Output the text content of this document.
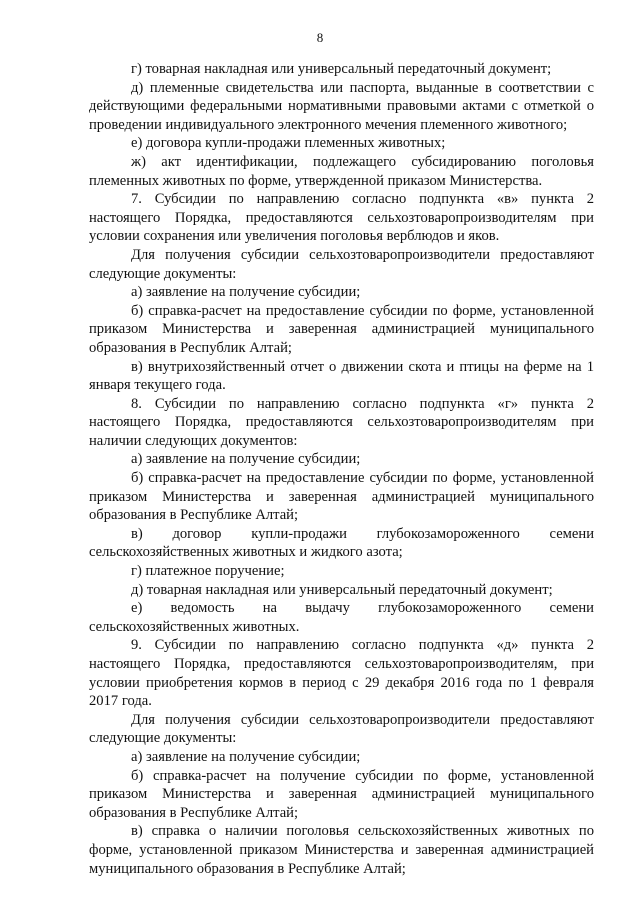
8

г) товарная накладная или универсальный передаточный документ;

д) племенные свидетельства или паспорта, выданные в соответствии с действующими федеральными нормативными правовыми актами с отметкой о проведении индивидуального электронного мечения племенного животного;

е) договора купли-продажи племенных животных;

ж) акт идентификации, подлежащего субсидированию поголовья племенных животных по форме, утвержденной приказом Министерства.

7. Субсидии по направлению согласно подпункта «в» пункта 2 настоящего Порядка, предоставляются сельхозтоваропроизводителям при условии сохранения или увеличения поголовья верблюдов и яков.

Для получения субсидии сельхозтоваропроизводители предоставляют следующие документы:

а) заявление на получение субсидии;

б) справка-расчет на предоставление субсидии по форме, установленной приказом Министерства и заверенная администрацией муниципального образования в Республик Алтай;

в) внутрихозяйственный отчет о движении скота и птицы на ферме на 1 января текущего года.

8. Субсидии по направлению согласно подпункта «г» пункта 2 настоящего Порядка, предоставляются сельхозтоваропроизводителям при наличии следующих документов:

а) заявление на получение субсидии;

б) справка-расчет на предоставление субсидии по форме, установленной приказом Министерства и заверенная администрацией муниципального образования в Республике Алтай;

в) договор купли-продажи глубокозамороженного семени сельскохозяйственных животных и жидкого азота;

г) платежное поручение;

д) товарная накладная или универсальный передаточный документ;

е) ведомость на выдачу глубокозамороженного семени сельскохозяйственных животных.

9. Субсидии по направлению согласно подпункта «д» пункта 2 настоящего Порядка, предоставляются сельхозтоваропроизводителям, при условии приобретения кормов в период с 29 декабря 2016 года по 1 февраля 2017 года.

Для получения субсидии сельхозтоваропроизводители предоставляют следующие документы:

а) заявление на получение субсидии;

б) справка-расчет на получение субсидии по форме, установленной приказом Министерства и заверенная администрацией муниципального образования в Республике Алтай;

в) справка о наличии поголовья сельскохозяйственных животных по форме, установленной приказом Министерства и заверенная администрацией муниципального образования в Республике Алтай;
